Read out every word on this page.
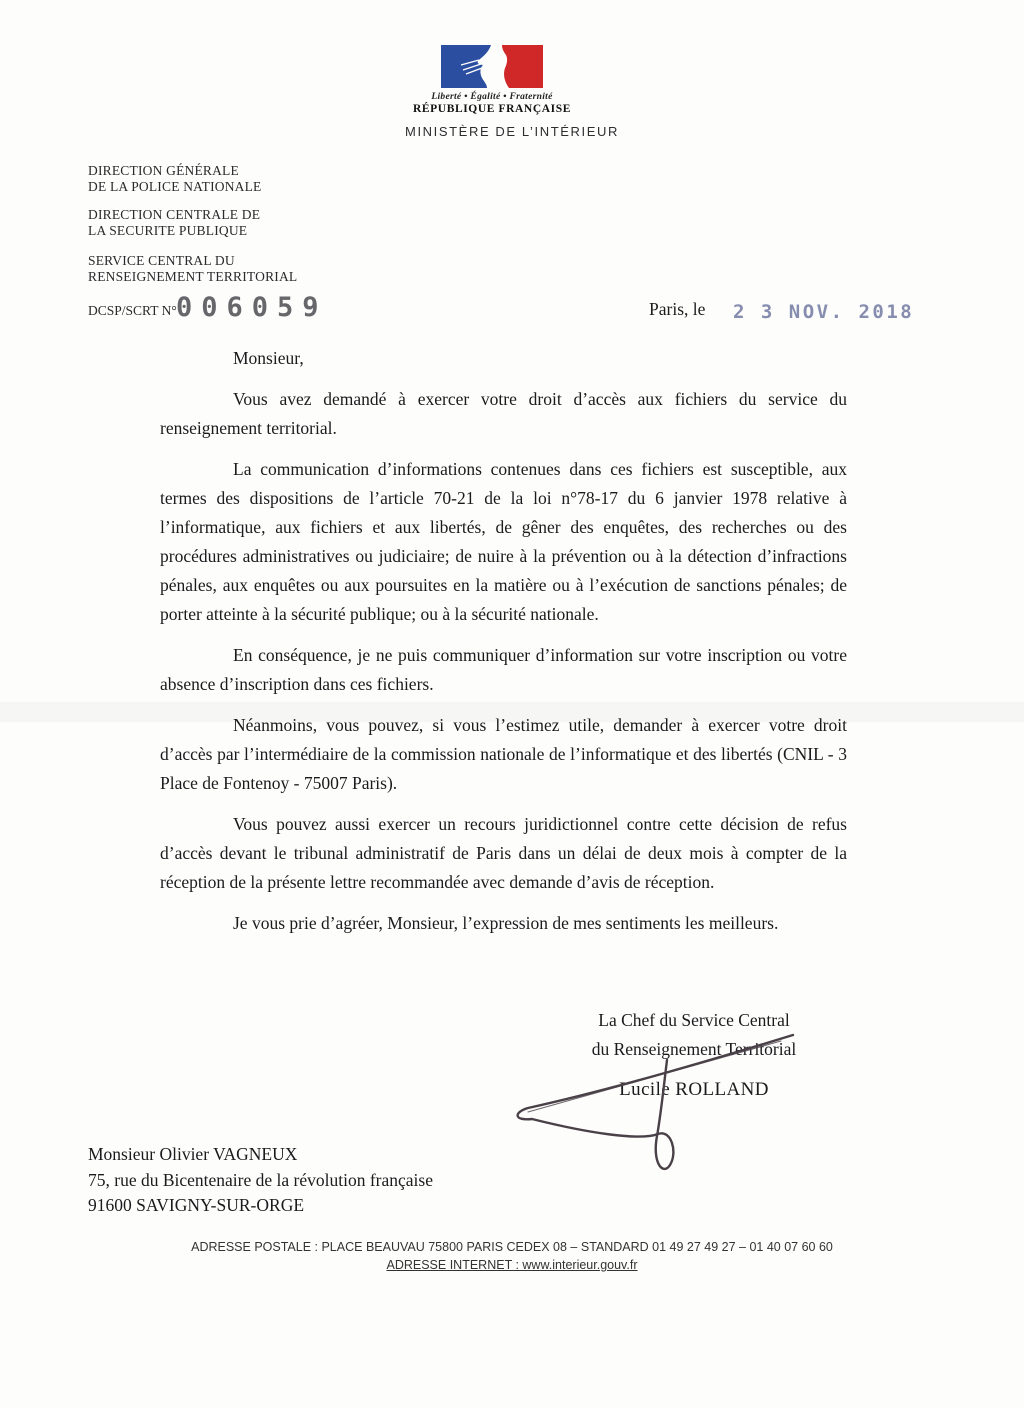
Liberté • Égalité • Fraternité
RÉPUBLIQUE FRANÇAISE
MINISTÈRE DE L’INTÉRIEUR
DIRECTION GÉNÉRALE
DE LA POLICE NATIONALE
DIRECTION CENTRALE DE
LA SECURITE PUBLIQUE
SERVICE CENTRAL DU
RENSEIGNEMENT TERRITORIAL
DCSP/SCRT N° 006059	Paris, le 2 3 NOV. 2018

Monsieur,

Vous avez demandé à exercer votre droit d’accès aux fichiers du service du renseignement territorial.

La communication d’informations contenues dans ces fichiers est susceptible, aux termes des dispositions de l’article 70-21 de la loi n°78-17 du 6 janvier 1978 relative à l’informatique, aux fichiers et aux libertés, de gêner des enquêtes, des recherches ou des procédures administratives ou judiciaire; de nuire à la prévention ou à la détection d’infractions pénales, aux enquêtes ou aux poursuites en la matière ou à l’exécution de sanctions pénales; de porter atteinte à la sécurité publique; ou à la sécurité nationale.

En conséquence, je ne puis communiquer d’information sur votre inscription ou votre absence d’inscription dans ces fichiers.

Néanmoins, vous pouvez, si vous l’estimez utile, demander à exercer votre droit d’accès par l’intermédiaire de la commission nationale de l’informatique et des libertés (CNIL - 3 Place de Fontenoy - 75007 Paris).

Vous pouvez aussi exercer un recours juridictionnel contre cette décision de refus d’accès devant le tribunal administratif de Paris dans un délai de deux mois à compter de la réception de la présente lettre recommandée avec demande d’avis de réception.

Je vous prie d’agréer, Monsieur, l’expression de mes sentiments les meilleurs.

La Chef du Service Central
du Renseignement Territorial
Lucile ROLLAND
Monsieur Olivier VAGNEUX
75, rue du Bicentenaire de la révolution française
91600 SAVIGNY-SUR-ORGE
ADRESSE POSTALE : PLACE BEAUVAU 75800 PARIS CEDEX 08 – STANDARD 01 49 27 49 27 – 01 40 07 60 60
ADRESSE INTERNET : www.interieur.gouv.fr
